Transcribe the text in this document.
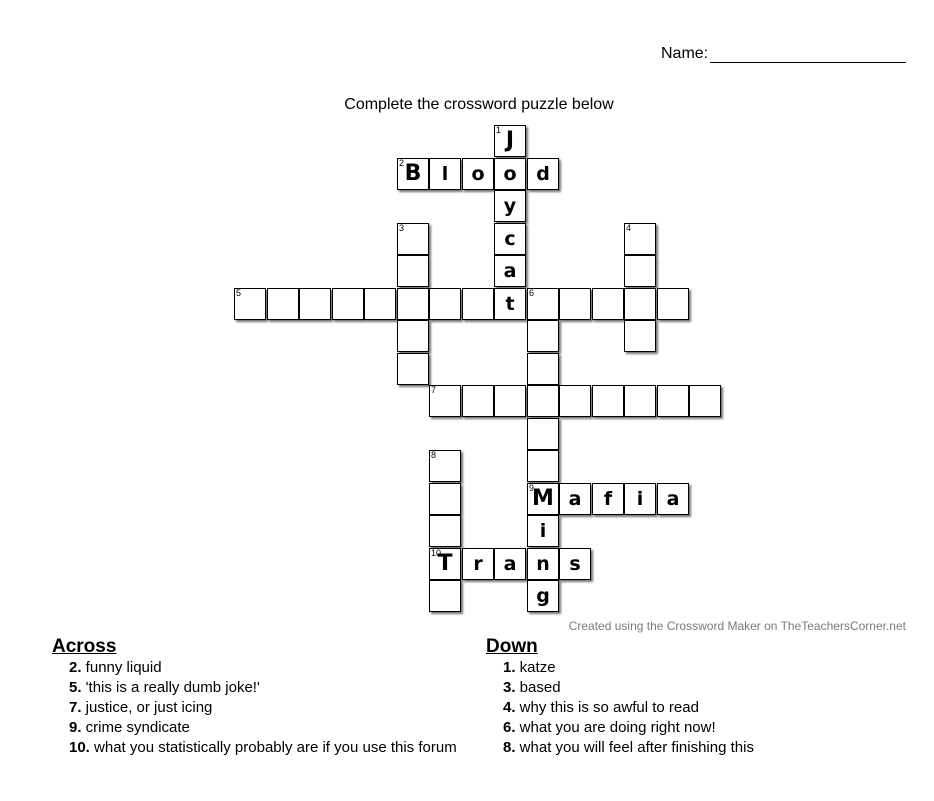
Name:
Complete the crossword puzzle below
1 J
2 B	l	o o	d
y
3	c	4
a
5	t	6
7
8
9
M a	f	i	a
i
10
T	r	a	n	s
g
Created using the Crossword Maker on TheTeachersCorner.net
Across
2. funny liquid
5. 'this is a really dumb joke!'
7. justice, or just icing
9. crime syndicate
10. what you statistically probably are if you use this forum
Down
1. katze
3. based
4. why this is so awful to read
6. what you are doing right now!
8. what you will feel after finishing this
